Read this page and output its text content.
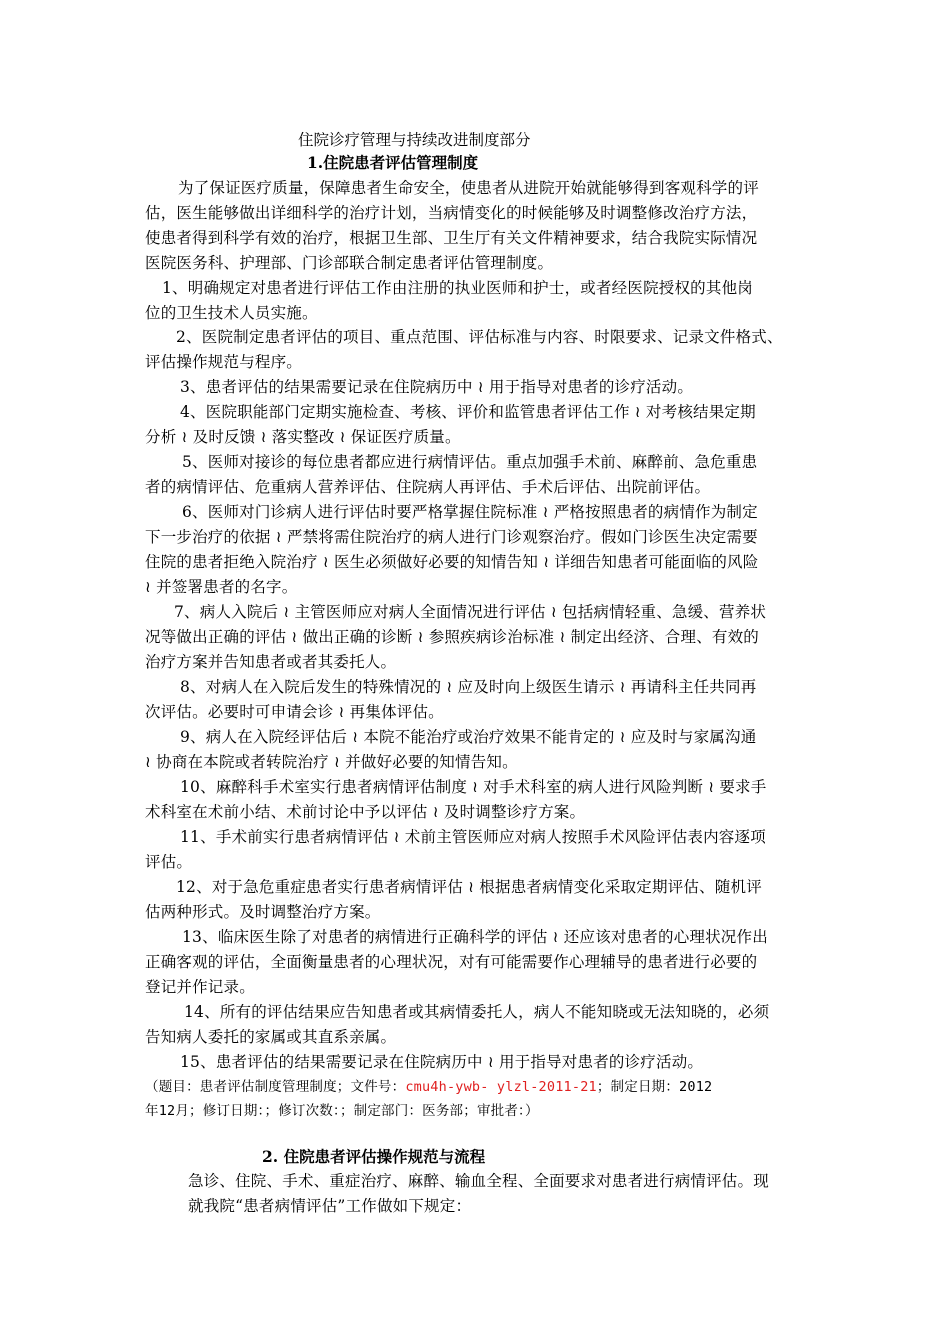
住院诊疗管理与持续改进制度部分
1.住院患者评估管理制度
为了保证医疗质量，保障患者生命安全，使患者从进院开始就能够得到客观科学的评
估，医生能够做出详细科学的治疗计划，当病情变化的时候能够及时调整修改治疗方法，
使患者得到科学有效的治疗，根据卫生部、卫生厅有关文件精神要求，结合我院实际情况
医院医务科、护理部、门诊部联合制定患者评估管理制度。
1、明确规定对患者进行评估工作由注册的执业医师和护士，或者经医院授权的其他岗
位的卫生技术人员实施。
2、医院制定患者评估的项目、重点范围、评估标准与内容、时限要求、记录文件格式、
评估操作规范与程序。
3、患者评估的结果需要记录在住院病历中 ≀ 用于指导对患者的诊疗活动。
4、医院职能部门定期实施检查、考核、评价和监管患者评估工作 ≀ 对考核结果定期
分析 ≀ 及时反馈 ≀ 落实整改 ≀ 保证医疗质量。
5、医师对接诊的每位患者都应进行病情评估。重点加强手术前、麻醉前、急危重患
者的病情评估、危重病人营养评估、住院病人再评估、手术后评估、出院前评估。
6、医师对门诊病人进行评估时要严格掌握住院标准 ≀ 严格按照患者的病情作为制定
下一步治疗的依据 ≀ 严禁将需住院治疗的病人进行门诊观察治疗。假如门诊医生决定需要
住院的患者拒绝入院治疗 ≀ 医生必须做好必要的知情告知 ≀ 详细告知患者可能面临的风险
≀ 并签署患者的名字。
7、病人入院后 ≀ 主管医师应对病人全面情况进行评估 ≀ 包括病情轻重、急缓、营养状
况等做出正确的评估 ≀ 做出正确的诊断 ≀ 参照疾病诊治标准 ≀ 制定出经济、合理、有效的
治疗方案并告知患者或者其委托人。
8、对病人在入院后发生的特殊情况的 ≀ 应及时向上级医生请示 ≀ 再请科主任共同再
次评估。必要时可申请会诊 ≀ 再集体评估。
9、病人在入院经评估后 ≀ 本院不能治疗或治疗效果不能肯定的 ≀ 应及时与家属沟通
≀ 协商在本院或者转院治疗 ≀ 并做好必要的知情告知。
10、麻醉科手术室实行患者病情评估制度 ≀ 对手术科室的病人进行风险判断 ≀ 要求手
术科室在术前小结、术前讨论中予以评估 ≀ 及时调整诊疗方案。
11、手术前实行患者病情评估 ≀ 术前主管医师应对病人按照手术风险评估表内容逐项
评估。
12、对于急危重症患者实行患者病情评估 ≀ 根据患者病情变化采取定期评估、随机评
估两种形式。及时调整治疗方案。
13、临床医生除了对患者的病情进行正确科学的评估 ≀ 还应该对患者的心理状况作出
正确客观的评估，全面衡量患者的心理状况，对有可能需要作心理辅导的患者进行必要的
登记并作记录。
14、所有的评估结果应告知患者或其病情委托人，病人不能知晓或无法知晓的，必须
告知病人委托的家属或其直系亲属。
15、患者评估的结果需要记录在住院病历中 ≀ 用于指导对患者的诊疗活动。
（题目：患者评估制度管理制度；文件号：cmu4h-ywb- ylzl-2011-21；制定日期：2012
年12月；修订日期：；修订次数：；制定部门：医务部；审批者：）
2. 住院患者评估操作规范与流程
急诊、住院、手术、重症治疗、麻醉、输血全程、全面要求对患者进行病情评估。现
就我院“患者病情评估”工作做如下规定：
